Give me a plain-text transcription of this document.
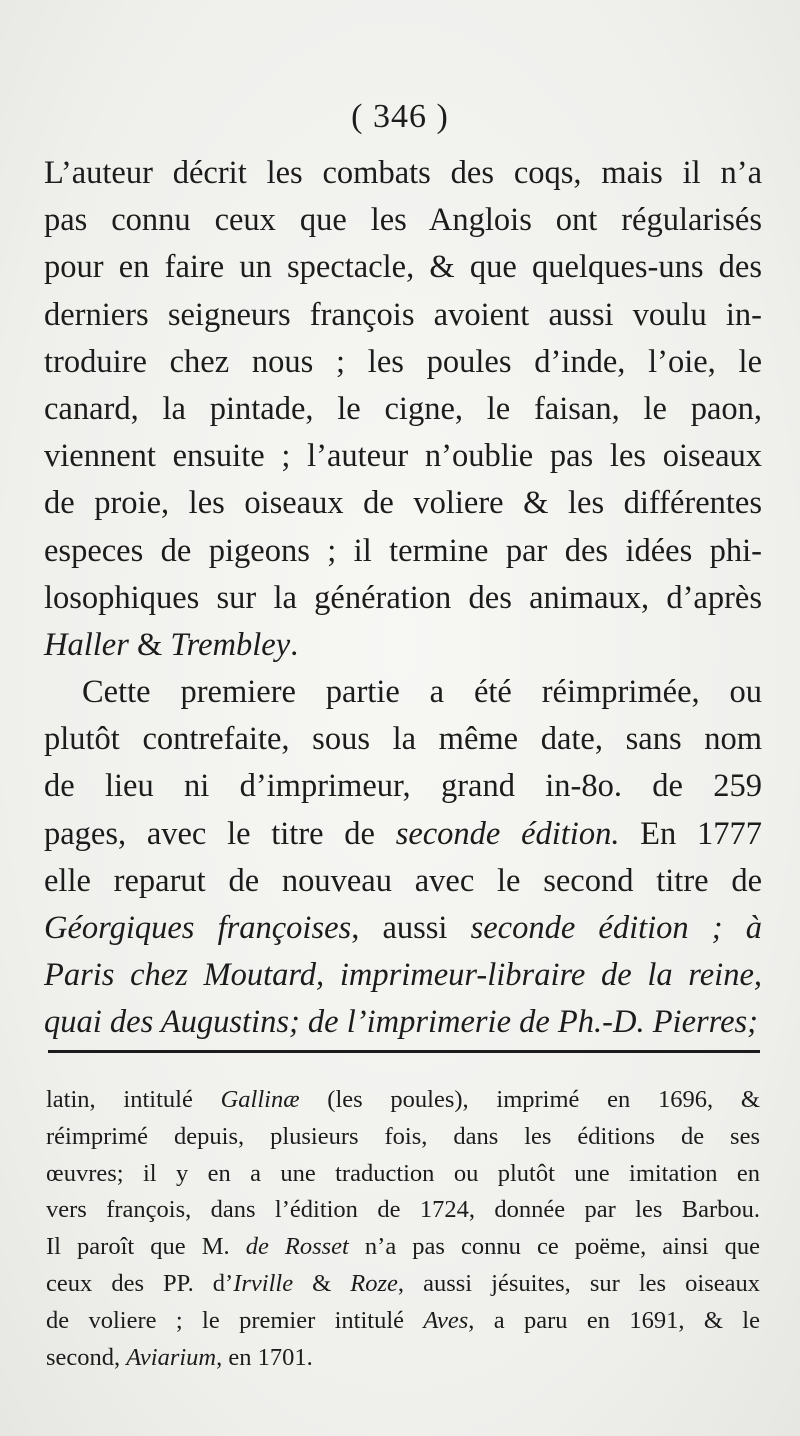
( 346 )
L’auteur décrit les combats des coqs, mais il n’a
pas connu ceux que les Anglois ont régularisés
pour en faire un spectacle, & que quelques-uns des
derniers seigneurs françois avoient aussi voulu in-
troduire chez nous ; les poules d’inde, l’oie, le
canard, la pintade, le cigne, le faisan, le paon,
viennent ensuite ; l’auteur n’oublie pas les oiseaux
de proie, les oiseaux de voliere & les différentes
especes de pigeons ; il termine par des idées phi-
losophiques sur la génération des animaux, d’après
Haller & Trembley.
Cette premiere partie a été réimprimée, ou
plutôt contrefaite, sous la même date, sans nom
de lieu ni d’imprimeur, grand in-8o. de 259
pages, avec le titre de seconde édition. En 1777
elle reparut de nouveau avec le second titre de
Géorgiques françoises, aussi seconde édition ; à
Paris chez Moutard, imprimeur-libraire de la reine,
quai des Augustins; de l’imprimerie de Ph.-D. Pierres;
latin, intitulé Gallinæ (les poules), imprimé en 1696, &
réimprimé depuis, plusieurs fois, dans les éditions de ses
œuvres; il y en a une traduction ou plutôt une imitation en
vers françois, dans l’édition de 1724, donnée par les Barbou.
Il paroît que M. de Rosset n’a pas connu ce poëme, ainsi que
ceux des PP. d’Irville & Roze, aussi jésuites, sur les oiseaux
de voliere ; le premier intitulé Aves, a paru en 1691, & le
second, Aviarium, en 1701.
